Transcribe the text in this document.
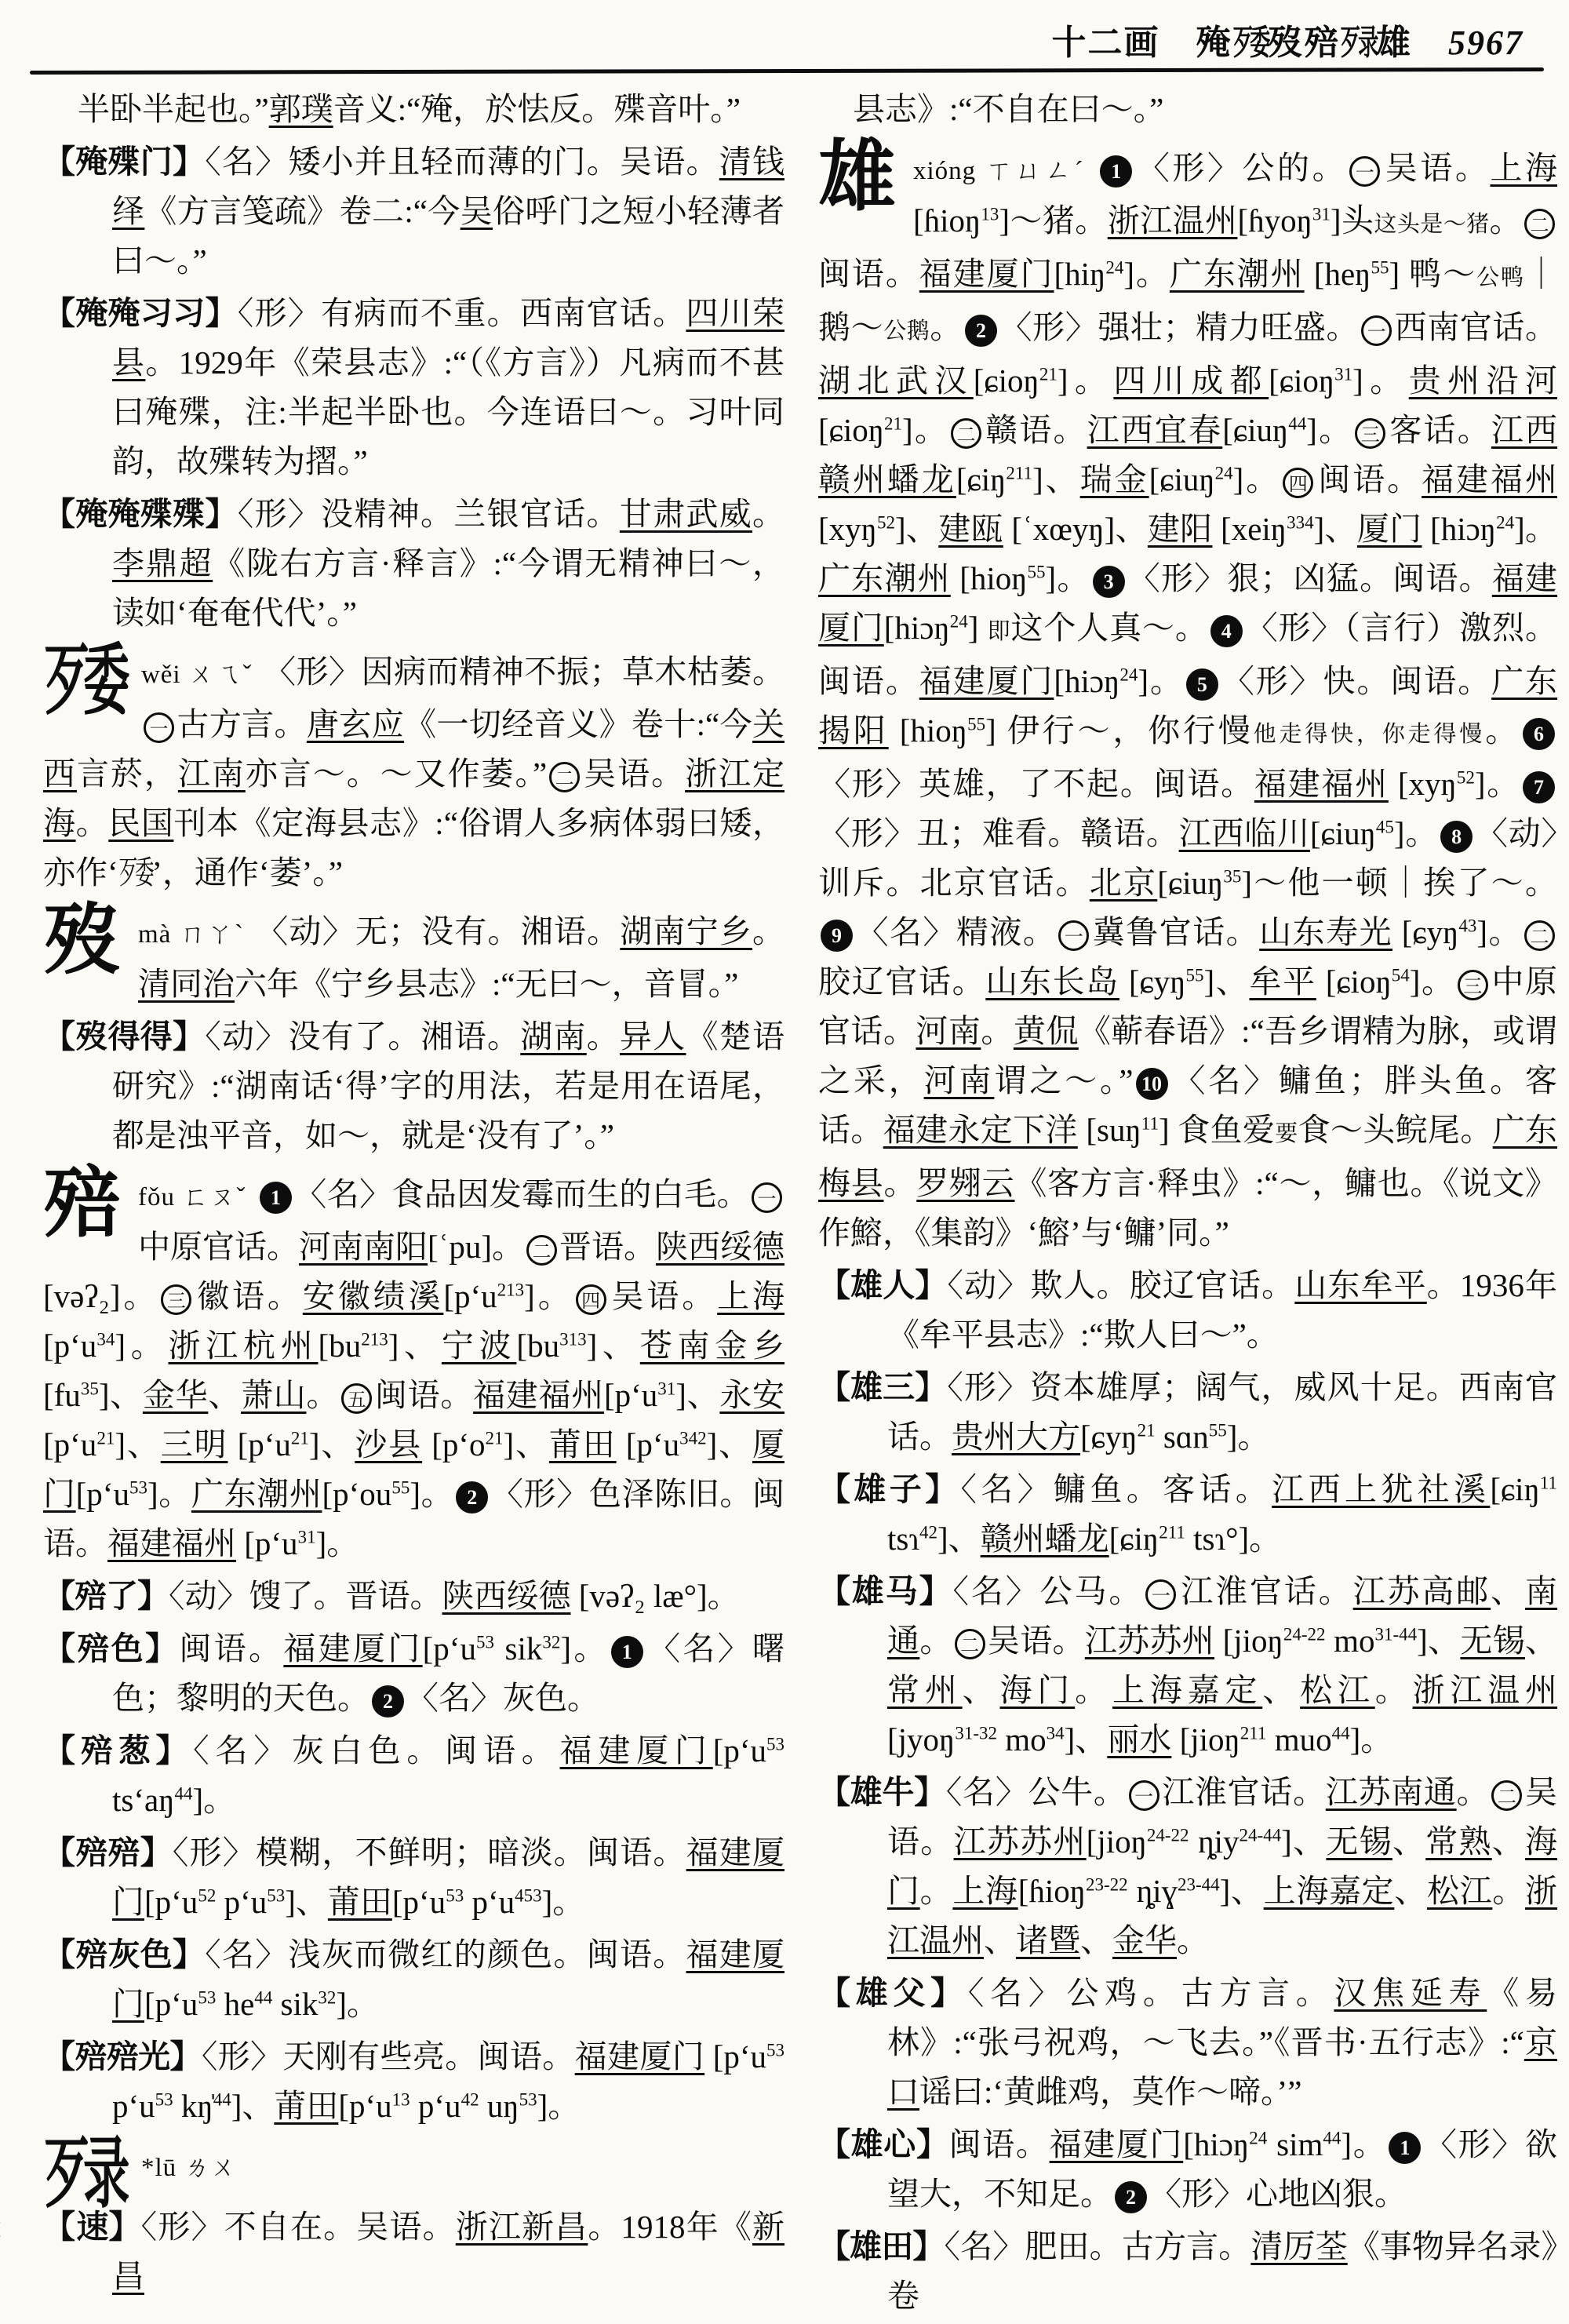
十二画 殗歹委歿殕歹录雄 5967
半卧半起也。”郭璞音义:“殗，於怯反。殜音叶。”
【殗殜门】〈名〉矮小并且轻而薄的门。吴语。清钱绎《方言笺疏》卷二:“今吴俗呼门之短小轻薄者曰～。”
【殗殗习习】〈形〉有病而不重。西南官话。四川荣县。1929年《荣县志》:“（《方言》）凡病而不甚曰殗殜，注:半起半卧也。今连语曰～。习叶同韵，故殜转为摺。”
【殗殗殜殜】〈形〉没精神。兰银官话。甘肃武威。李鼎超《陇右方言·释言》:“今谓无精神曰～，读如‘奄奄代代’。”
歹委 wěi ㄨㄟˇ 〈形〉因病而精神不振；草木枯萎。一 古方言。唐玄应《一切经音义》卷十:“今关西言菸，江南亦言～。～又作萎。” 二 吴语。浙江定海。民国刊本《定海县志》:“俗谓人多病体弱曰矮，亦作‘歹委’，通作‘萎’。”
歿mà ㄇㄚˋ 〈动〉无；没有。湘语。湖南宁乡。清同治六年《宁乡县志》:“无曰～，音冒。”
【歿得得】〈动〉没有了。湘语。湖南。异人《楚语研究》:“湖南话‘得’字的用法，若是用在语尾，都是浊平音，如～，就是‘没有了’。”
殕fǒu ㄈㄡˇ 1 〈名〉食品因发霉而生的白毛。 一中原官话。河南南阳[ʿpu]。 二 晋语。陕西绥德 [vəʔ₂]。 三 徽语。安徽绩溪[pʻu$^{213}$]。 四 吴语。上海[pʻu$^{34}$]。浙江杭州$[bu^{213}]$、宁波$[bu^{313}]$、苍南金乡 $[fu^{35}]$、金华、萧山。 五 闽语。福建福州[pʻu$^{31}$]、永安[pʻu$^{21}$]、三明 [pʻu$^{21}$]、沙县 [pʻo$^{21}$]、莆田 [pʻu$^{342}$]、厦门[pʻu$^{53}$]。广东潮州[pʻou$^{55}$]。 2 〈形〉色泽陈旧。闽语。福建福州 [pʻu$^{31}$]。
【殕了】〈动〉馊了。晋语。陕西绥德 [vəʔ₂ læ°]。
【殕色】闽语。福建厦门[pʻu$^{53}$ sik$^{32}$]。 1 〈名〉曙色；黎明的天色。 2 〈名〉灰色。
【殕葱】〈名〉灰白色。闽语。福建厦门[pʻu$^{53}$ tsʻaŋ$^{44}$]。
【殕殕】〈形〉模糊，不鲜明；暗淡。闽语。福建厦门[pʻu$^{52}$ pʻu$^{53}$]、莆田[pʻu$^{53}$ pʻu$^{453}$]。
【殕灰色】〈名〉浅灰而微红的颜色。闽语。福建厦门[pʻu$^{53}$ $he^{44}$ sik$^{32}$]。
【殕殕光】〈形〉天刚有些亮。闽语。福建厦门 [pʻu$^{53}$ pʻu$^{53}$ kŋ̍$^{44}$]、莆田[pʻu$^{13}$ pʻu$^{42}$ $uŋ^{53}$]。
歹录 *lū ㄌㄨ
【速】〈形〉不自在。吴语。浙江新昌。1918年《新昌
县志》:“不自在曰～。”
雄xióng ㄒㄩㄥˊ 1 〈形〉公的。 一 吴语。上海[ɦioŋ$^{13}$]～猪。浙江温州[ɦyoŋ$^{31}$]头这头是～猪。 二闽语。福建厦门[hiŋ$^{24}$]。广东潮州 [heŋ$^{55}$] 鸭～公鸭｜鹅～公鹅。 2 〈形〉强壮；精力旺盛。 一 西南官话。湖北武汉[ɕioŋ$^{21}$]。四川成都[ɕioŋ$^{31}$]。贵州沿河[ɕioŋ$^{21}$]。 二 赣语。江西宜春[ɕiuŋ$^{44}$]。 三 客话。江西赣州蟠龙[ɕiŋ$^{211}$]、瑞金[ɕiuŋ$^{24}$]。 四 闽语。福建福州[xyŋ$^{52}$]、建瓯 [ʿxœyŋ]、建阳 [xeiŋ$^{334}$]、厦门 [hiɔŋ$^{24}$]。广东潮州 [hioŋ$^{55}$]。 3 〈形〉狠；凶猛。闽语。福建厦门[hiɔŋ$^{24}$] 即这个人真～。 4 〈形〉（言行）激烈。闽语。福建厦门[hiɔŋ$^{24}$]。 5 〈形〉快。闽语。广东揭阳 [hioŋ$^{55}$] 伊行～，你行慢他走得快，你走得慢。 6〈形〉英雄，了不起。闽语。福建福州 [xyŋ$^{52}$]。 7〈形〉丑；难看。赣语。江西临川[ɕiuŋ$^{45}$]。 8 〈动〉训斥。北京官话。北京[ɕiuŋ$^{35}$]～他一顿｜挨了～。9 〈名〉精液。 一 冀鲁官话。山东寿光 [ɕyŋ$^{43}$]。 二胶辽官话。山东长岛 [ɕyŋ$^{55}$]、牟平 [ɕioŋ$^{54}$]。 三 中原官话。河南。黄侃《蕲春语》:“吾乡谓精为脉，或谓之采，河南谓之～。” 10 〈名〉鳙鱼；胖头鱼。客话。福建永定下洋 [suŋ$^{11}$] 食鱼爱要食～头鲩尾。广东梅县。罗翙云《客方言·释虫》:“～，鳙也。《说文》作鰫，《集韵》‘鰫’与‘鳙’同。”
【雄人】〈动〉欺人。胶辽官话。山东牟平。1936年《牟平县志》:“欺人曰～”。
【雄三】〈形〉资本雄厚；阔气，威风十足。西南官话。贵州大方[ɕyŋ$^{21}$ sɑn$^{55}$]。
【雄子】〈名〉鳙鱼。客话。江西上犹社溪[ɕiŋ$^{11}$ tsɿ$^{42}$]、赣州蟠龙[ɕiŋ$^{211}$ tsɿ°]。
【雄马】〈名〉公马。 一 江淮官话。江苏高邮、南通。 二 吴语。江苏苏州 [jioŋ$^{24-22}$ $mo^{31-44}$]、无锡、常州、海门。上海嘉定、松江。浙江温州[jyoŋ$^{31-32}$ $mo^{34}$]、丽水 [jioŋ$^{211}$ muo$^{44}$]。
【雄牛】〈名〉公牛。 一 江淮官话。江苏南通。 二 吴语。江苏苏州[jioŋ$^{24-22}$ ȵiy$^{24-44}$]、无锡、常熟、海门。上海[ɦioŋ$^{23-22}$ ȵiɣ$^{23-44}$]、上海嘉定、松江。浙江温州、诸暨、金华。
【雄父】〈名〉公鸡。古方言。汉焦延寿《易林》:“张弓祝鸡，～飞去。”《晋书·五行志》:“京口谣曰:‘黄雌鸡，莫作～啼。’”
【雄心】闽语。福建厦门[hiɔŋ$^{24}$ sim$^{44}$]。 1 〈形〉欲望大，不知足。 2 〈形〉心地凶狠。
【雄田】〈名〉肥田。古方言。清厉荃《事物异名录》卷
